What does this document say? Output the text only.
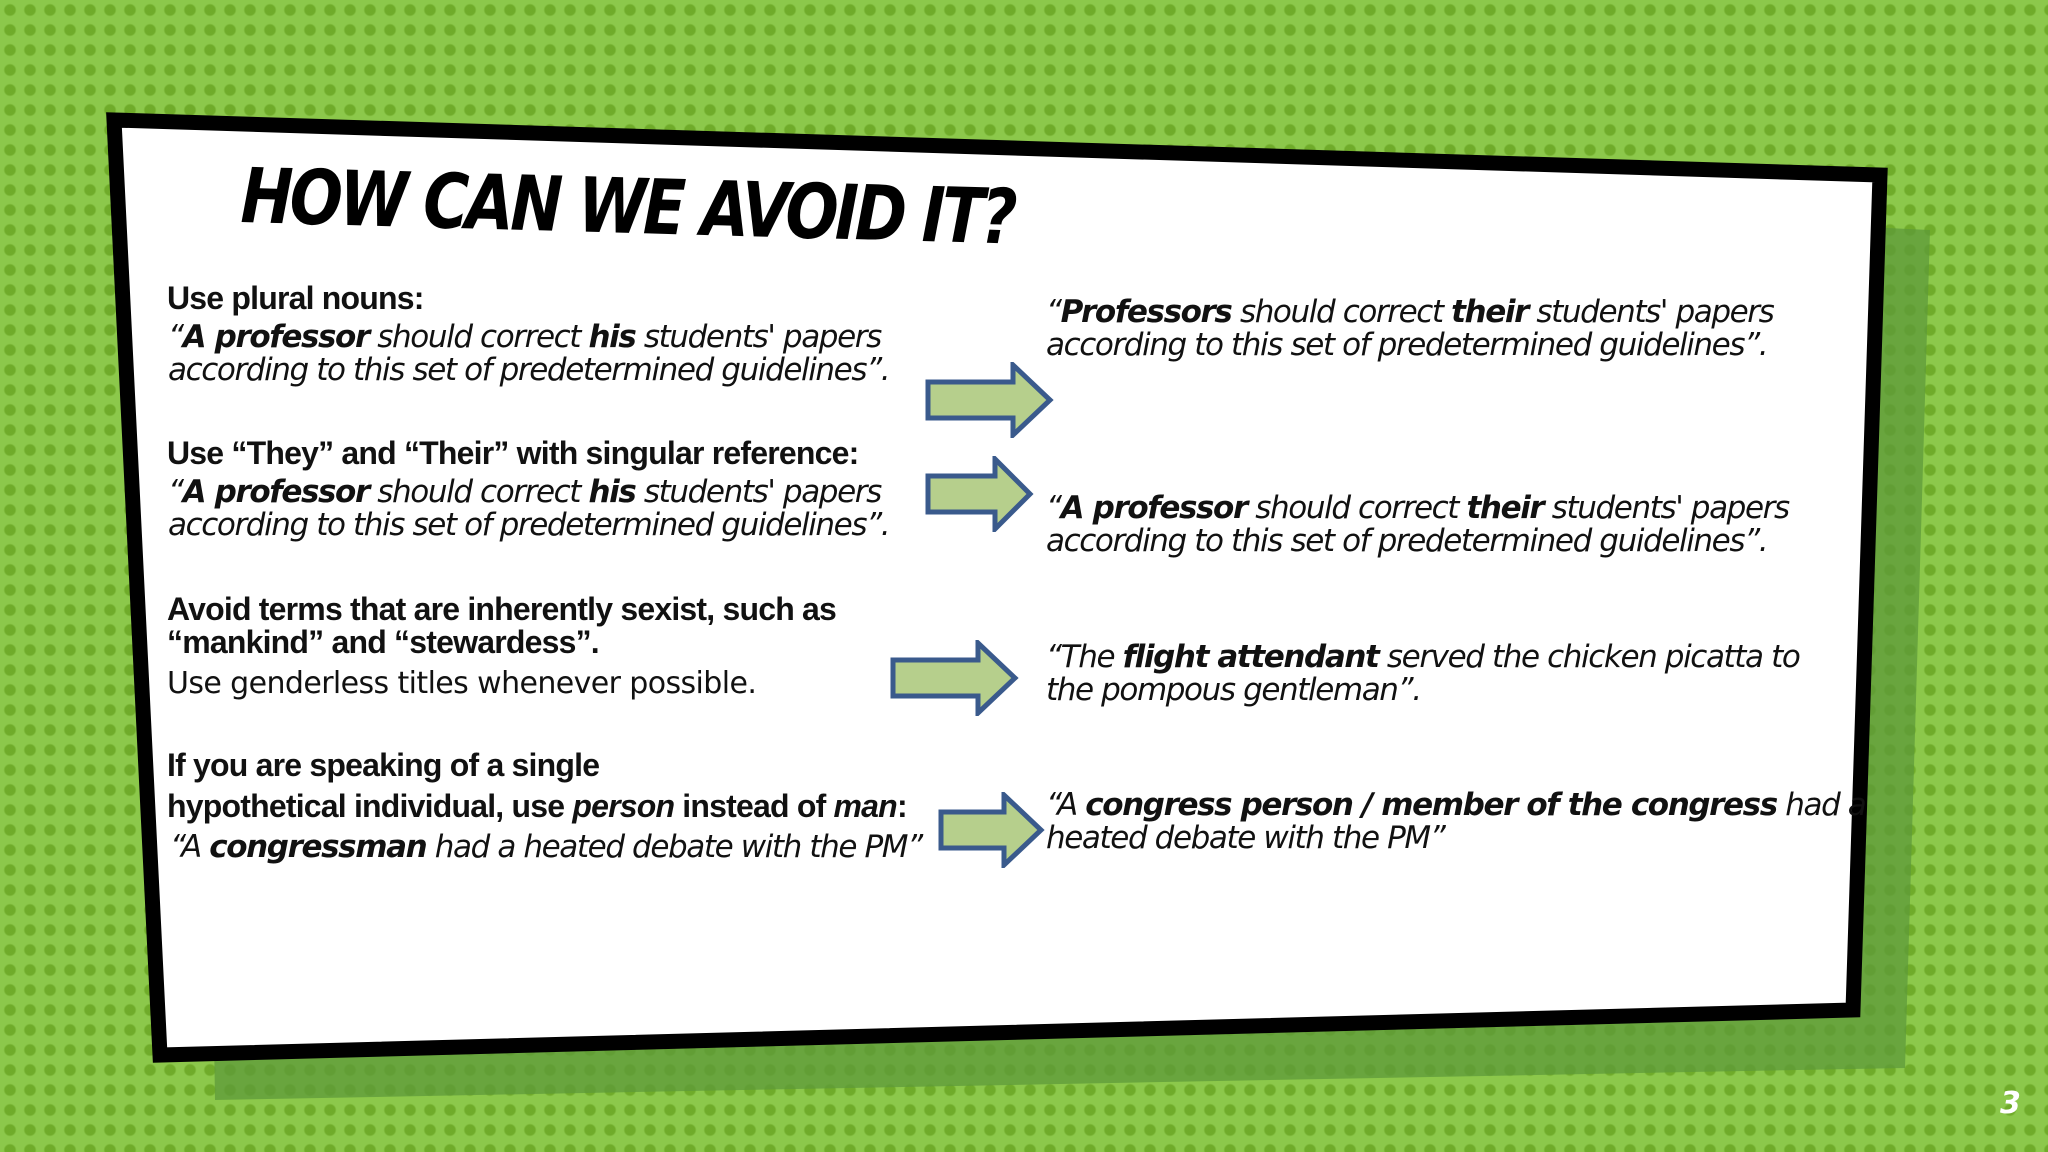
HOW CAN WE AVOID IT?
Use plural nouns:
“A professor should correct his students' papers
according to this set of predetermined guidelines”.
Use “They” and “Their” with singular reference:
“A professor should correct his students' papers
according to this set of predetermined guidelines”.
Avoid terms that are inherently sexist, such as
“mankind” and “stewardess”.
Use genderless titles whenever possible.
If you are speaking of a single
hypothetical individual, use person instead of man:
“A congressman had a heated debate with the PM”
“Professors should correct their students' papers
according to this set of predetermined guidelines”.
“A professor should correct their students' papers
according to this set of predetermined guidelines”.
“The flight attendant served the chicken picatta to
the pompous gentleman”.
“A congress person / member of the congress had a
heated debate with the PM”
3
